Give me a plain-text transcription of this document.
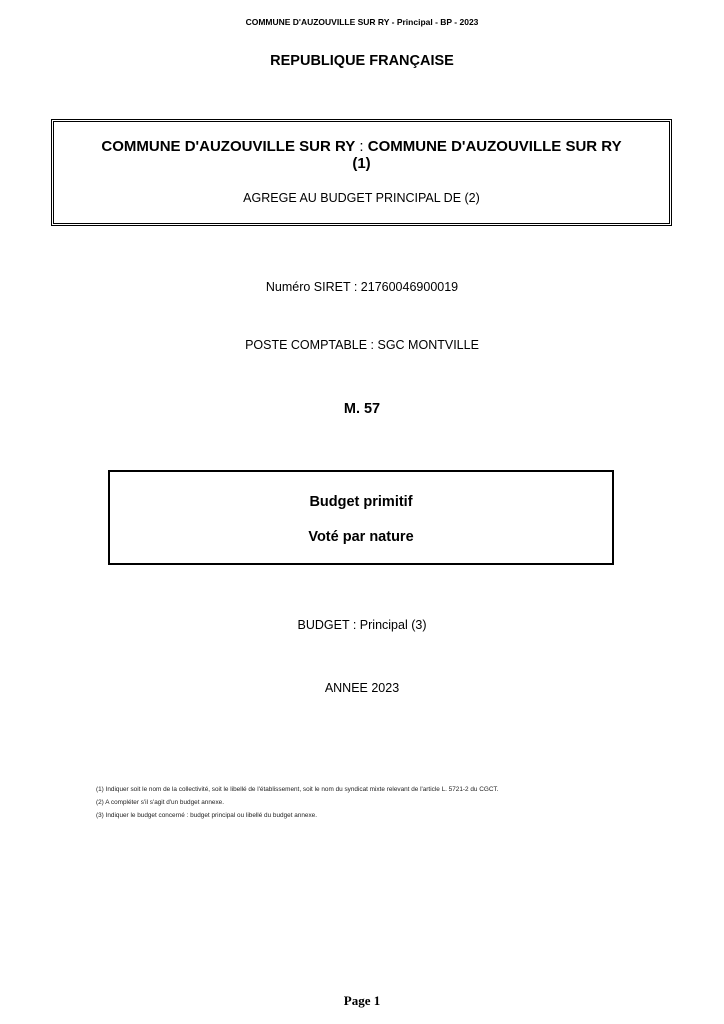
COMMUNE D'AUZOUVILLE SUR RY - Principal - BP - 2023
REPUBLIQUE FRANÇAISE
COMMUNE D'AUZOUVILLE SUR RY : COMMUNE D'AUZOUVILLE SUR RY
(1)
AGREGE AU BUDGET PRINCIPAL DE (2)
Numéro SIRET : 21760046900019
POSTE COMPTABLE : SGC MONTVILLE
M. 57
Budget primitif
Voté par nature
BUDGET : Principal (3)
ANNEE 2023
(1) Indiquer soit le nom de la collectivité, soit le libellé de l'établissement, soit le nom du syndicat mixte relevant de l'article L. 5721-2 du CGCT.
(2) A compléter s'il s'agit d'un budget annexe.
(3) Indiquer le budget concerné : budget principal ou libellé du budget annexe.
Page 1
